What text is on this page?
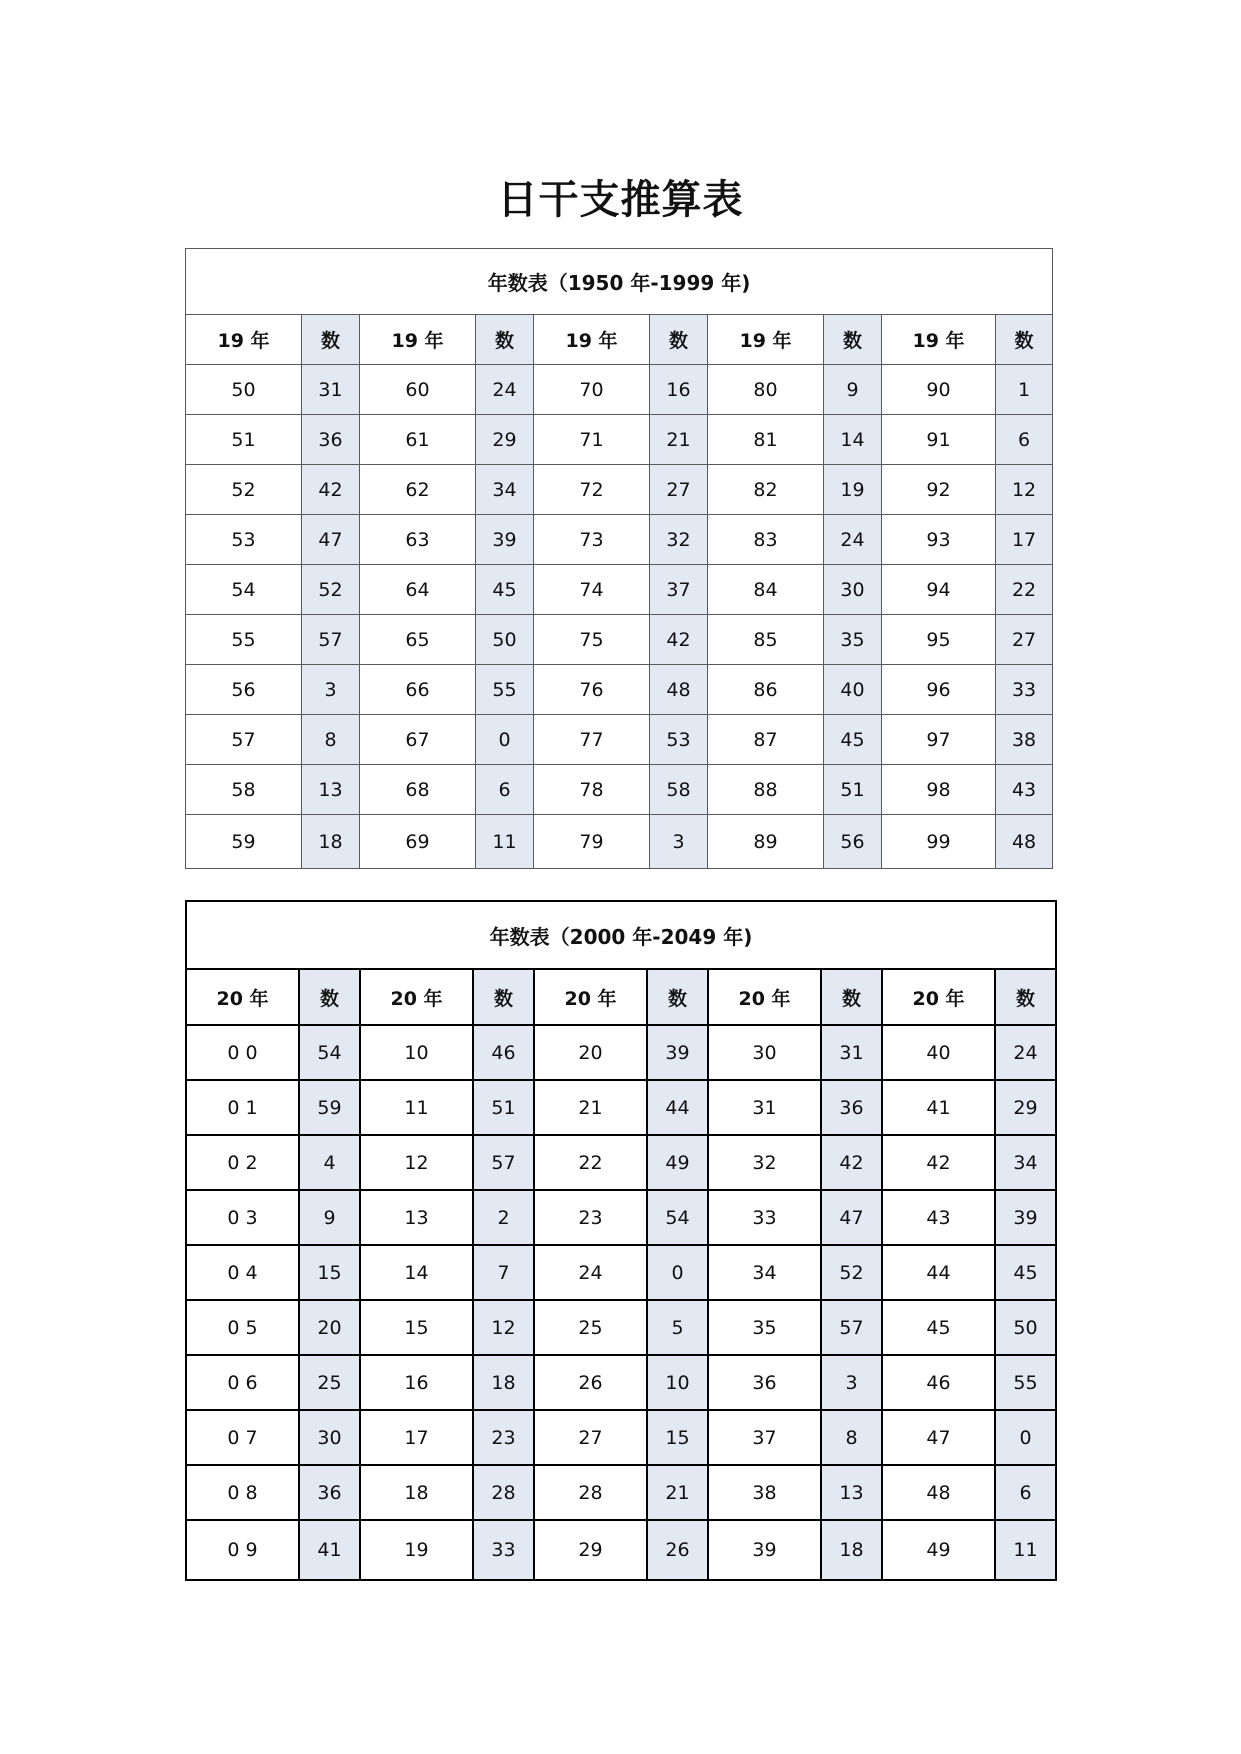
日干支推算表
年数表（1950 年-1999 年)									
19 年	数	19 年	数	19 年	数	19 年	数	19 年	数
50	31	60	24	70	16	80	9	90	1
51	36	61	29	71	21	81	14	91	6
52	42	62	34	72	27	82	19	92	12
53	47	63	39	73	32	83	24	93	17
54	52	64	45	74	37	84	30	94	22
55	57	65	50	75	42	85	35	95	27
56	3	66	55	76	48	86	40	96	33
57	8	67	0	77	53	87	45	97	38
58	13	68	6	78	58	88	51	98	43
59	18	69	11	79	3	89	56	99	48
年数表（2000 年-2049 年)									
20 年	数	20 年	数	20 年	数	20 年	数	20 年	数
0 0	54	10	46	20	39	30	31	40	24
0 1	59	11	51	21	44	31	36	41	29
0 2	4	12	57	22	49	32	42	42	34
0 3	9	13	2	23	54	33	47	43	39
0 4	15	14	7	24	0	34	52	44	45
0 5	20	15	12	25	5	35	57	45	50
0 6	25	16	18	26	10	36	3	46	55
0 7	30	17	23	27	15	37	8	47	0
0 8	36	18	28	28	21	38	13	48	6
0 9	41	19	33	29	26	39	18	49	11
